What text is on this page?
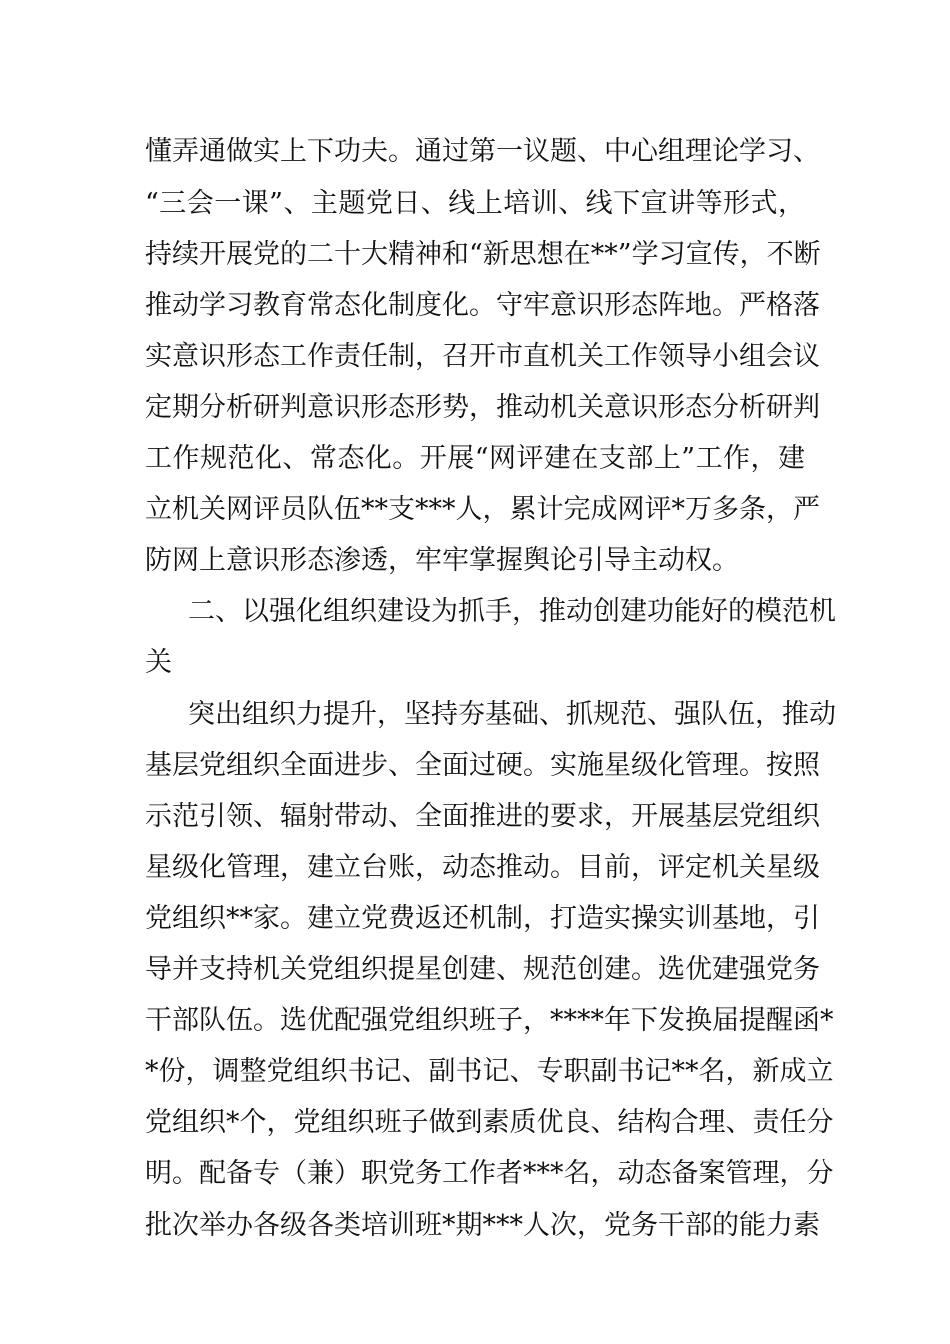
懂弄通做实上下功夫。通过第一议题、中心组理论学习、
“三会一课”、主题党日、线上培训、线下宣讲等形式，
持续开展党的二十大精神和“新思想在**”学习宣传，不断
推动学习教育常态化制度化。守牢意识形态阵地。严格落
实意识形态工作责任制，召开市直机关工作领导小组会议
定期分析研判意识形态形势，推动机关意识形态分析研判
工作规范化、常态化。开展“网评建在支部上”工作，建
立机关网评员队伍**支***人，累计完成网评*万多条，严
防网上意识形态渗透，牢牢掌握舆论引导主动权。
二、以强化组织建设为抓手，推动创建功能好的模范机
关
突出组织力提升，坚持夯基础、抓规范、强队伍，推动
基层党组织全面进步、全面过硬。实施星级化管理。按照
示范引领、辐射带动、全面推进的要求，开展基层党组织
星级化管理，建立台账，动态推动。目前，评定机关星级
党组织**家。建立党费返还机制，打造实操实训基地，引
导并支持机关党组织提星创建、规范创建。选优建强党务
干部队伍。选优配强党组织班子，****年下发换届提醒函*
*份，调整党组织书记、副书记、专职副书记**名，新成立
党组织*个，党组织班子做到素质优良、结构合理、责任分
明。配备专（兼）职党务工作者***名，动态备案管理，分
批次举办各级各类培训班*期***人次，党务干部的能力素
